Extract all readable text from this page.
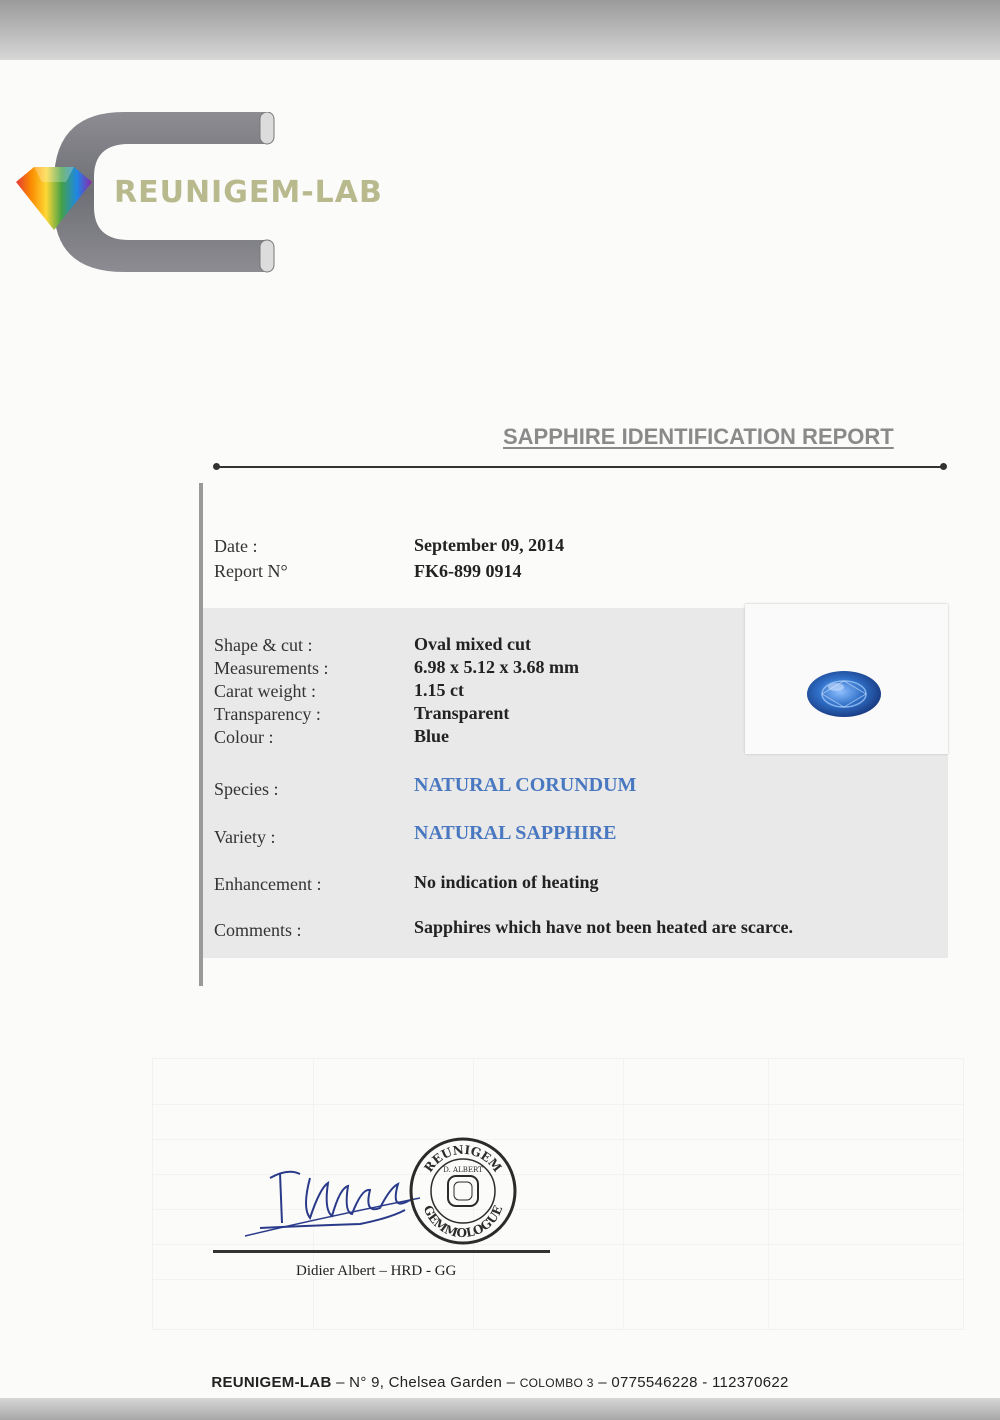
REUNIGEM-LAB
SAPPHIRE IDENTIFICATION REPORT
Date :	September 09, 2014
Report N°	FK6-899 0914
Shape & cut :	Oval mixed cut
Measurements :	6.98 x 5.12 x 3.68 mm
Carat weight :	1.15 ct
Transparency :	Transparent
Colour :	Blue
Species :	NATURAL CORUNDUM
Variety :	NATURAL SAPPHIRE
Enhancement :	No indication of heating
Comments :	Sapphires which have not been heated are scarce.
REUNIGEM
GEMMOLOGUE
D. ALBERT
Didier Albert – HRD - GG
REUNIGEM-LAB – N° 9, Chelsea Garden – COLOMBO 3 – 0775546228 - 112370622
